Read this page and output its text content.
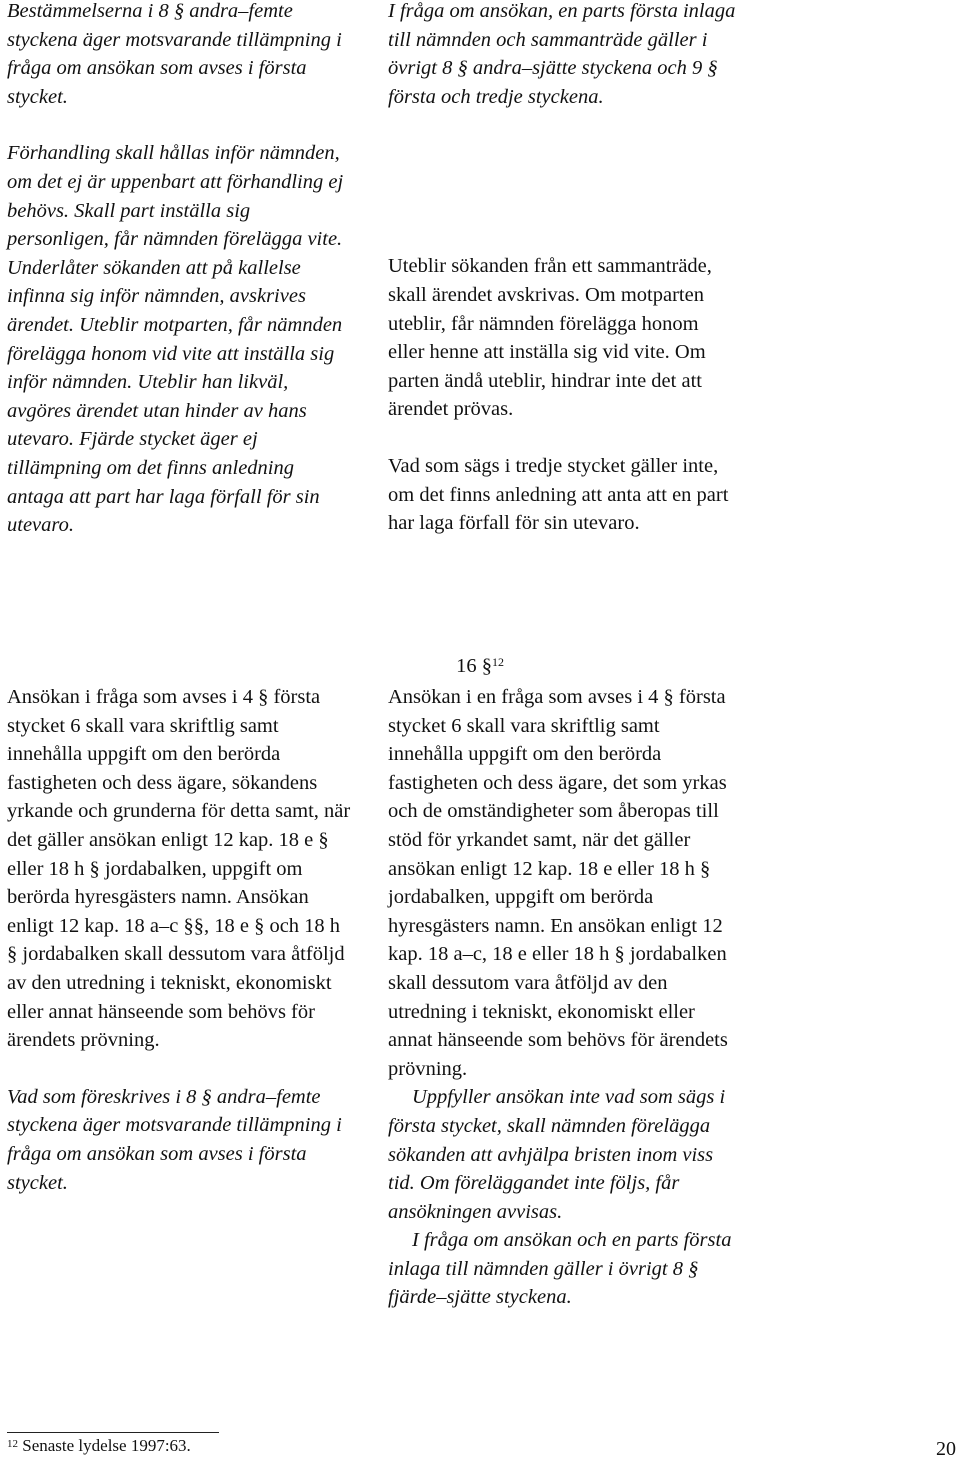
Bestämmelserna i 8 § andra–femte styckena äger motsvarande tillämpning i fråga om ansökan som avses i första stycket.

Förhandling skall hållas inför nämnden, om det ej är uppenbart att förhandling ej behövs. Skall part inställa sig personligen, får nämnden förelägga vite. Underlåter sökanden att på kallelse infinna sig inför nämnden, avskrives ärendet. Uteblir motparten, får nämnden förelägga honom vid vite att inställa sig inför nämnden. Uteblir han likväl, avgöres ärendet utan hinder av hans utevaro. Fjärde stycket äger ej tillämpning om det finns anledning antaga att part har laga förfall för sin utevaro.

I fråga om ansökan, en parts första inlaga till nämnden och sammanträde gäller i övrigt 8 § andra–sjätte styckena och 9 § första och tredje styckena.

Uteblir sökanden från ett sammanträde, skall ärendet avskrivas. Om motparten uteblir, får nämnden förelägga honom eller henne att inställa sig vid vite. Om parten ändå uteblir, hindrar inte det att ärendet prövas.

Vad som sägs i tredje stycket gäller inte, om det finns anledning att anta att en part har laga förfall för sin utevaro.

16 §$^{12}$

Ansökan i fråga som avses i 4 § första stycket 6 skall vara skriftlig samt innehålla uppgift om den berörda fastigheten och dess ägare, sökandens yrkande och grunderna för detta samt, när det gäller ansökan enligt 12 kap. 18 e § eller 18 h § jordabalken, uppgift om berörda hyresgästers namn. Ansökan enligt 12 kap. 18 a–c §§, 18 e § och 18 h § jordabalken skall dessutom vara åtföljd av den utredning i tekniskt, ekonomiskt eller annat hänseende som behövs för ärendets prövning.

Vad som föreskrives i 8 § andra–femte styckena äger motsvarande tillämpning i fråga om ansökan som avses i första stycket.

Ansökan i en fråga som avses i 4 § första stycket 6 skall vara skriftlig samt innehålla uppgift om den berörda fastigheten och dess ägare, det som yrkas och de omständigheter som åberopas till stöd för yrkandet samt, när det gäller ansökan enligt 12 kap. 18 e eller 18 h § jordabalken, uppgift om berörda hyresgästers namn. En ansökan enligt 12 kap. 18 a–c, 18 e eller 18 h § jordabalken skall dessutom vara åtföljd av den utredning i tekniskt, ekonomiskt eller annat hänseende som behövs för ärendets prövning.

Uppfyller ansökan inte vad som sägs i första stycket, skall nämnden förelägga sökanden att avhjälpa bristen inom viss tid. Om föreläggandet inte följs, får ansökningen avvisas.

I fråga om ansökan och en parts första inlaga till nämnden gäller i övrigt 8 § fjärde–sjätte styckena.

$^{12}$ Senaste lydelse 1997:63.	20
